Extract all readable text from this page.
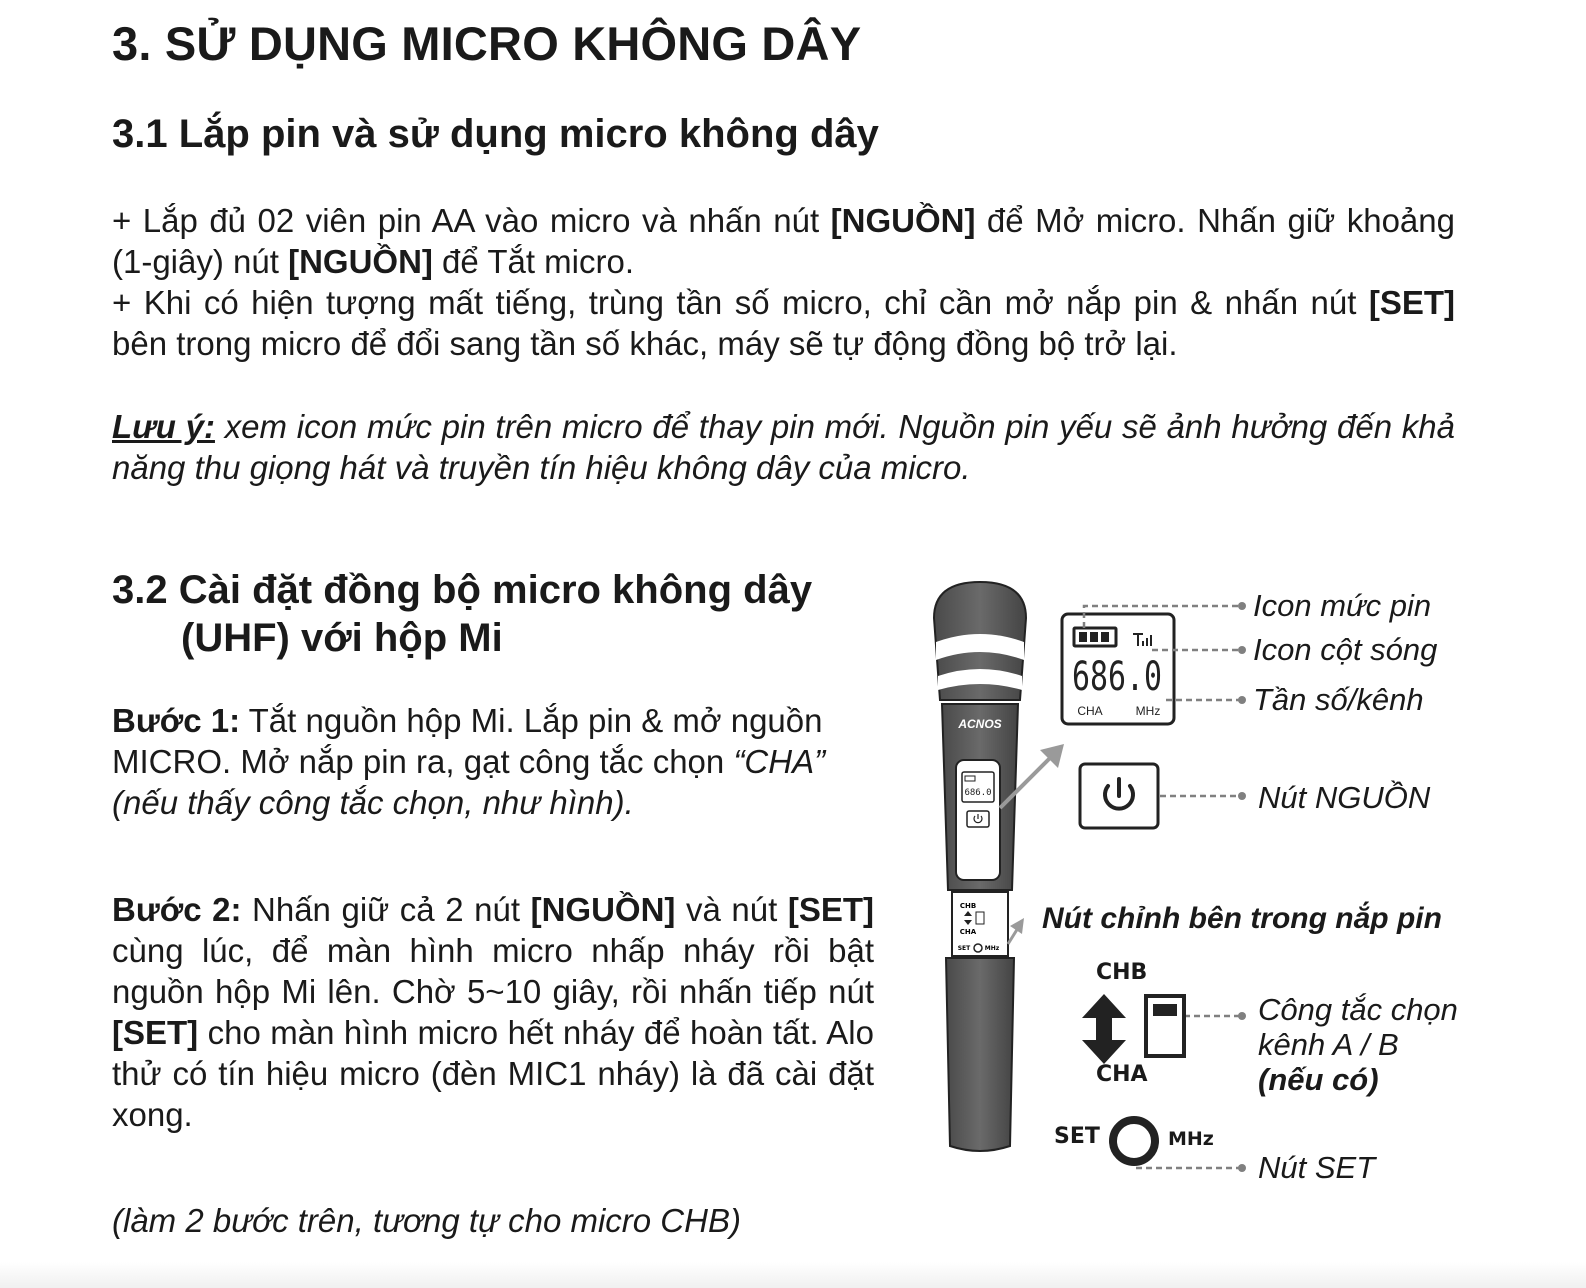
3. SỬ DỤNG MICRO KHÔNG DÂY
3.1 Lắp pin và sử dụng micro không dây

+ Lắp đủ 02 viên pin AA vào micro và nhấn nút [NGUỒN] để Mở micro. Nhấn giữ khoảng (1-giây) nút [NGUỒN] để Tắt micro.
+ Khi có hiện tượng mất tiếng, trùng tần số micro, chỉ cần mở nắp pin & nhấn nút [SET] bên trong micro để đổi sang tần số khác, máy sẽ tự động đồng bộ trở lại.

Lưu ý: xem icon mức pin trên micro để thay pin mới. Nguồn pin yếu sẽ ảnh hưởng đến khả năng thu giọng hát và truyền tín hiệu không dây của micro.

3.2 Cài đặt đồng bộ micro không dây
(UHF) với hộp Mi

Bước 1: Tắt nguồn hộp Mi. Lắp pin & mở nguồn MICRO. Mở nắp pin ra, gạt công tắc chọn “CHA”
(nếu thấy công tắc chọn, như hình).

Bước 2: Nhấn giữ cả 2 nút [NGUỒN] và nút [SET] cùng lúc, để màn hình micro nhấp nháy rồi bật nguồn hộp Mi lên. Chờ 5~10 giây, rồi nhấn tiếp nút [SET] cho màn hình micro hết nháy để hoàn tất. Alo thử có tín hiệu micro (đèn MIC1 nháy) là đã cài đặt xong.

(làm 2 bước trên, tương tự cho micro CHB)

ACNOS
686.0
CHB
CHA
SET MHz
686.0
CHA	MHz
CHB
CHA
SET	MHz

Icon mức pin

Icon cột sóng

Tần số/kênh

Nút NGUỒN

Nút chỉnh bên trong nắp pin

Công tắc chọn

kênh A / B

(nếu có)

Nút SET
